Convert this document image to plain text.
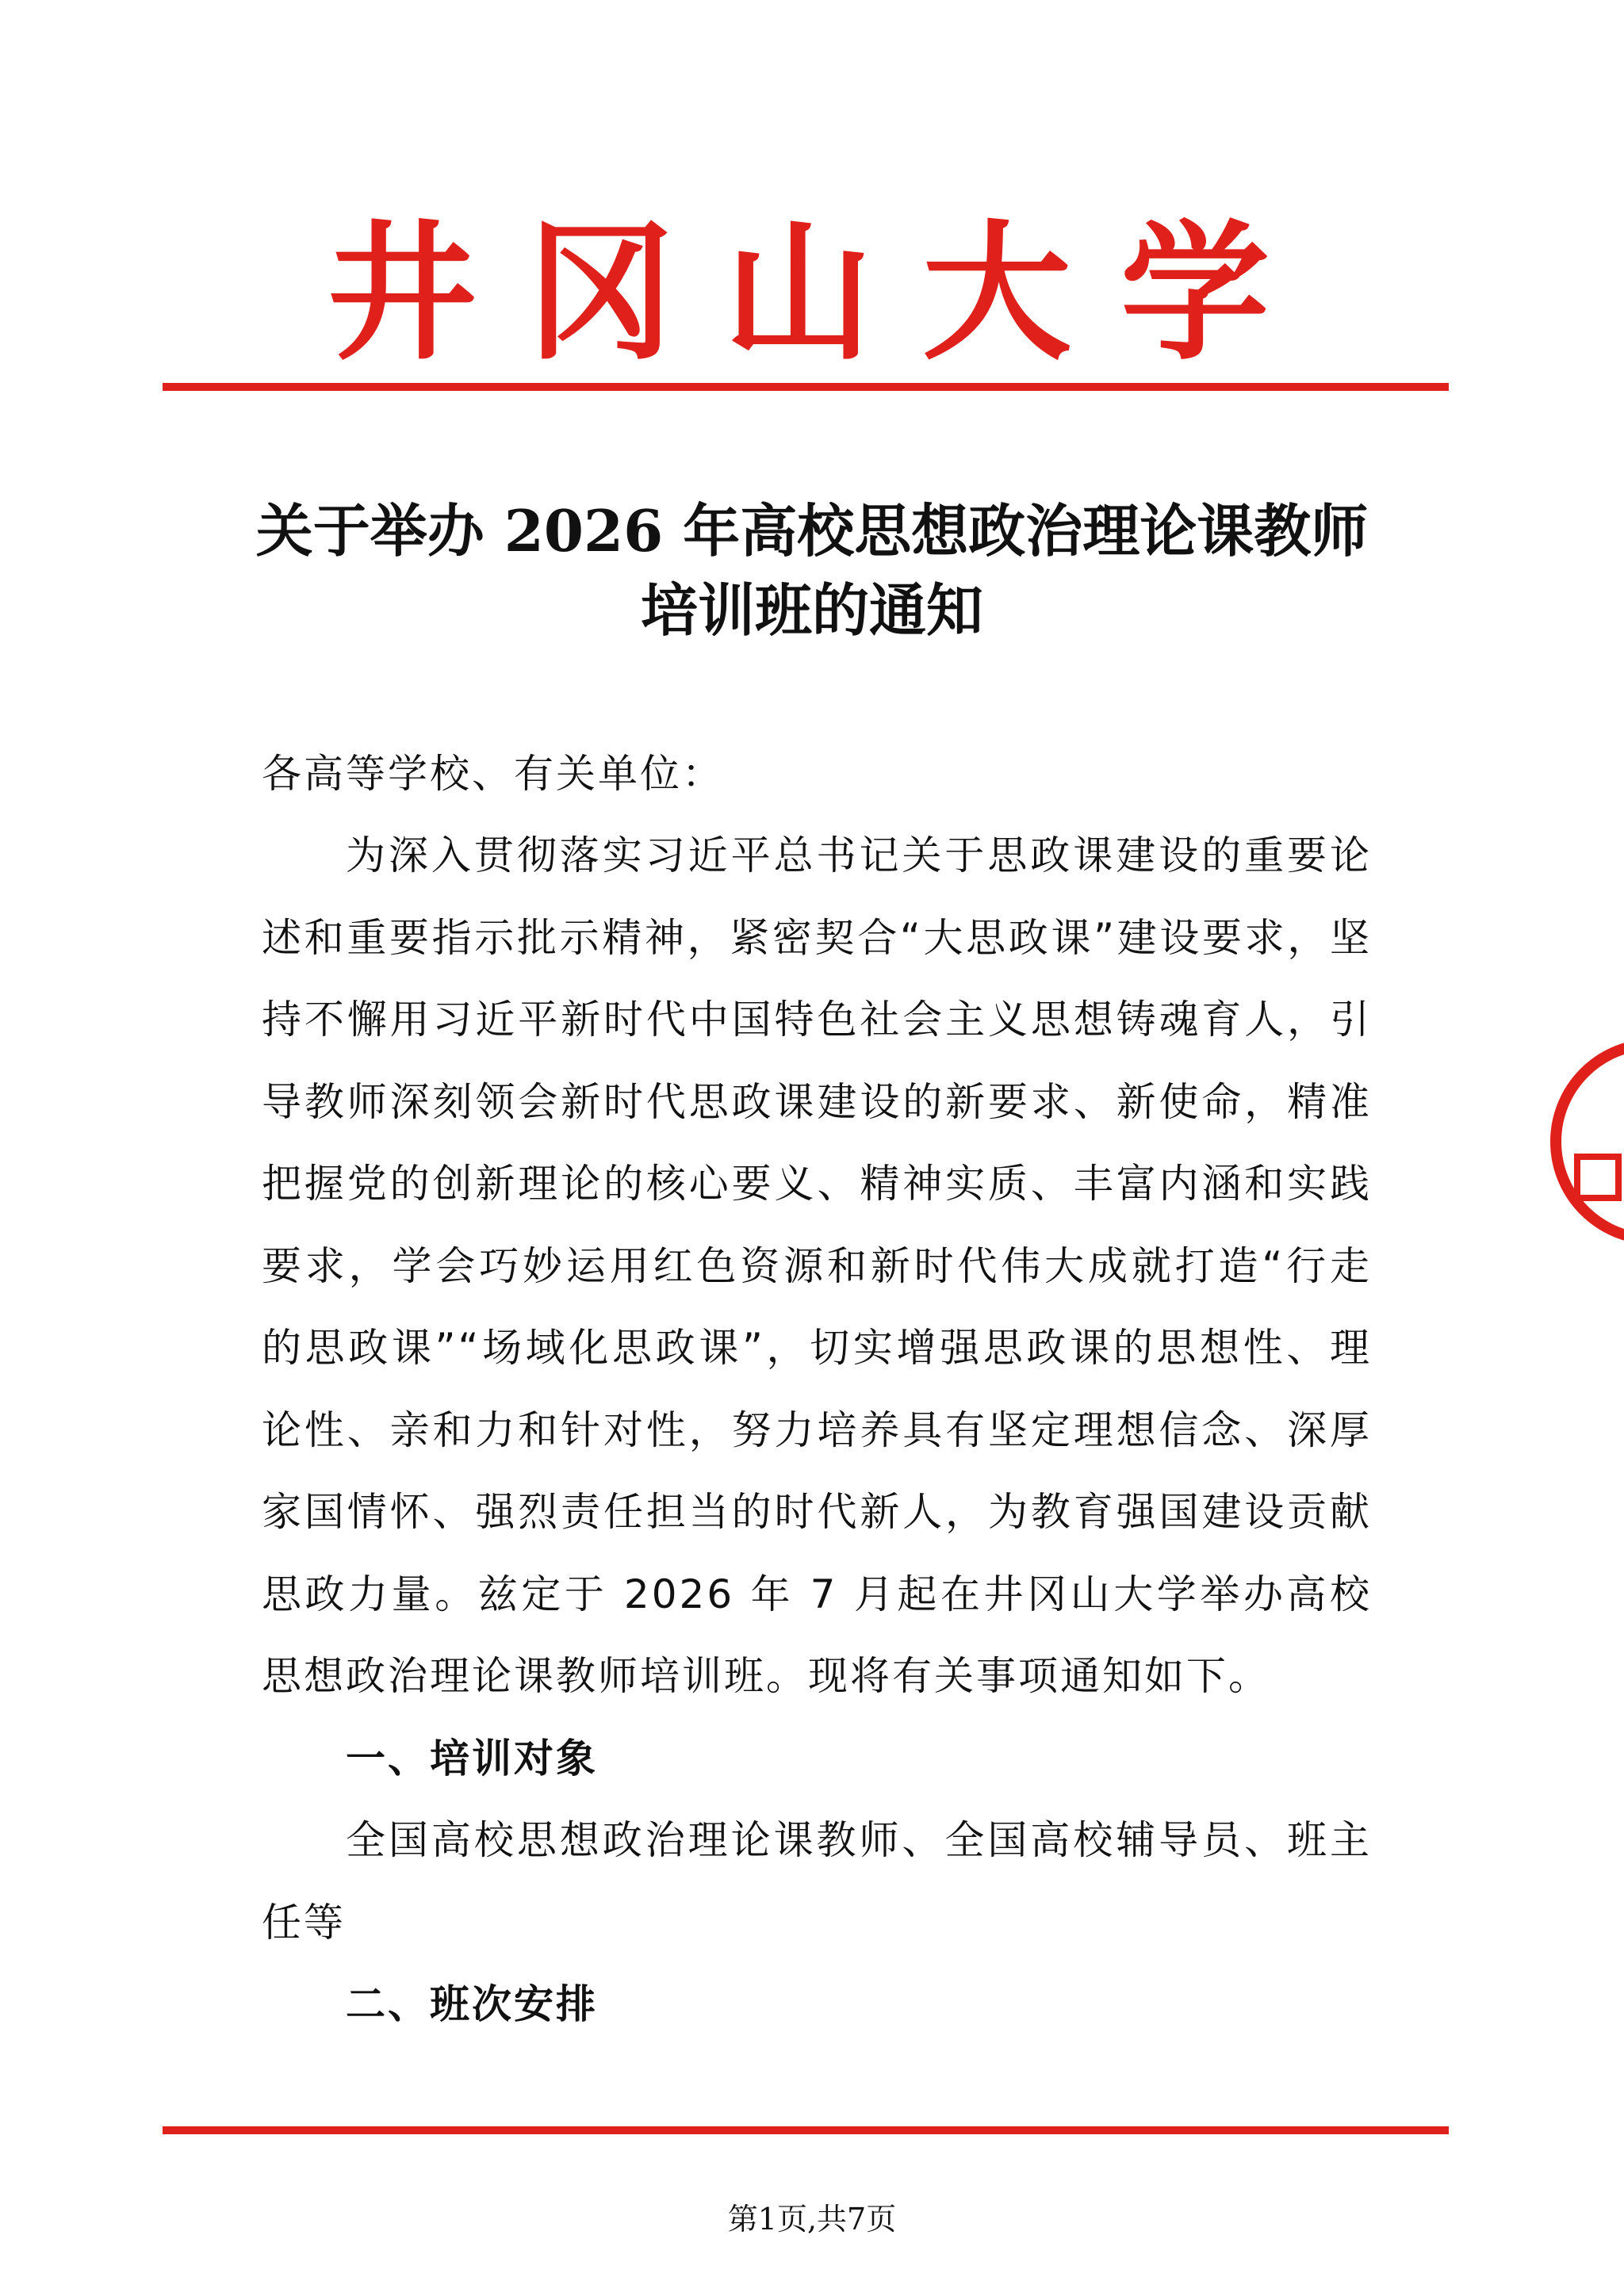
井冈山大学
关于举办 2026 年高校思想政治理论课教师
培训班的通知
各高等学校、有关单位：

为深入贯彻落实习近平总书记关于思政课建设的重要论述和重要指示批示精神，紧密契合“大思政课”建设要求，坚持不懈用习近平新时代中国特色社会主义思想铸魂育人，引导教师深刻领会新时代思政课建设的新要求、新使命，精准把握党的创新理论的核心要义、精神实质、丰富内涵和实践要求，学会巧妙运用红色资源和新时代伟大成就打造“行走的思政课”“场域化思政课”，切实增强思政课的思想性、理论性、亲和力和针对性，努力培养具有坚定理想信念、深厚家国情怀、强烈责任担当的时代新人，为教育强国建设贡献思政力量。兹定于 2026 年 7 月起在井冈山大学举办高校思想政治理论课教师培训班。现将有关事项通知如下。

一、培训对象

全国高校思想政治理论课教师、全国高校辅导员、班主任等

二、班次安排

第1页,共7页
